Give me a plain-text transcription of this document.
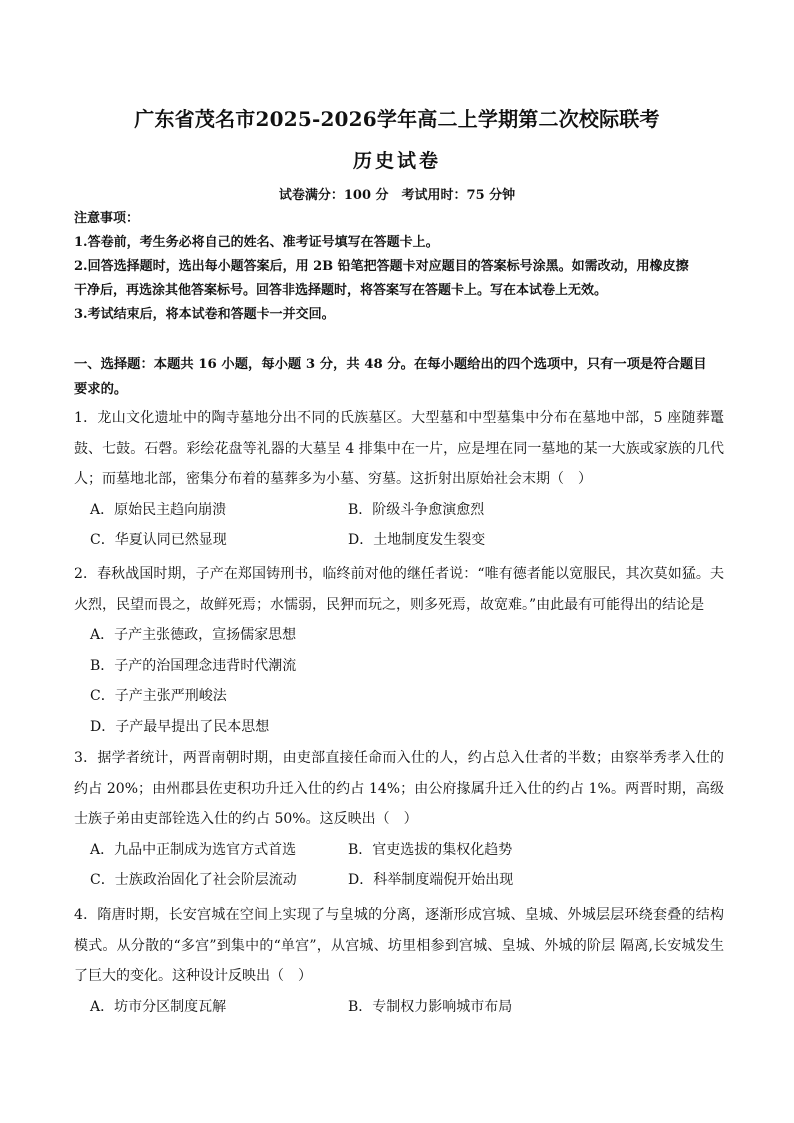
广东省茂名市2025-2026学年高二上学期第二次校际联考
历史试卷
试卷满分：100 分　考试用时：75 分钟
注意事项：
1.答卷前，考生务必将自己的姓名、准考证号填写在答题卡上。
2.回答选择题时，选出每小题答案后，用 2B 铅笔把答题卡对应题目的答案标号涂黑。如需改动，用橡皮擦
干净后，再选涂其他答案标号。回答非选择题时，将答案写在答题卡上。写在本试卷上无效。
3.考试结束后，将本试卷和答题卡一并交回。
一、选择题：本题共 16 小题，每小题 3 分，共 48 分。在每小题给出的四个选项中，只有一项是符合题目
要求的。
1．龙山文化遗址中的陶寺墓地分出不同的氏族墓区。大型墓和中型墓集中分布在墓地中部，5 座随葬鼍鼓、七鼓。石磬。彩绘花盘等礼器的大墓呈 4 排集中在一片，应是埋在同一墓地的某一大族或家族的几代人；而墓地北部，密集分布着的墓葬多为小墓、穷墓。这折射出原始社会末期（　）
A．原始民主趋向崩溃	B．阶级斗争愈演愈烈
C．华夏认同已然显现	D．土地制度发生裂变
2．春秋战国时期，子产在郑国铸刑书，临终前对他的继任者说：“唯有德者能以宽服民，其次莫如猛。夫火烈，民望而畏之，故鲜死焉；水懦弱，民狎而玩之，则多死焉，故宽难。”由此最有可能得出的结论是
A．子产主张德政，宣扬儒家思想
B．子产的治国理念违背时代潮流
C．子产主张严刑峻法
D．子产最早提出了民本思想
3．据学者统计，两晋南朝时期，由吏部直接任命而入仕的人，约占总入仕者的半数；由察举秀孝入仕的约占 20%；由州郡县佐吏积功升迁入仕的约占 14%；由公府掾属升迁入仕的约占 1%。两晋时期，高级士族子弟由吏部铨选入仕的约占 50%。这反映出（　）
A．九品中正制成为选官方式首选	B．官吏选拔的集权化趋势
C．士族政治固化了社会阶层流动	D．科举制度端倪开始出现
4．隋唐时期，长安宫城在空间上实现了与皇城的分离，逐渐形成宫城、皇城、外城层层环绕套叠的结构模式。从分散的“多宫”到集中的“单宫”，从宫城、坊里相参到宫城、皇城、外城的阶层 隔离,长安城发生了巨大的变化。这种设计反映出（　）
A．坊市分区制度瓦解	B．专制权力影响城市布局
